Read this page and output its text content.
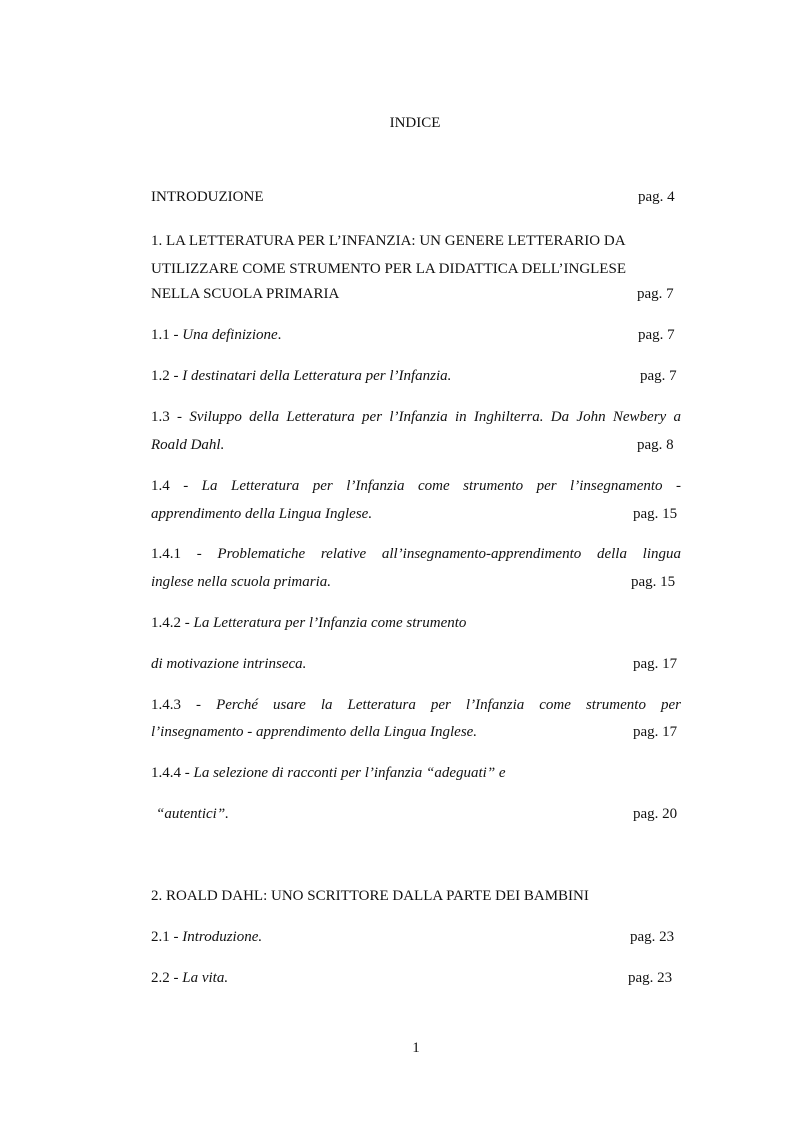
INDICE
INTRODUZIONE	pag. 4
1. LA LETTERATURA PER L’INFANZIA: UN GENERE LETTERARIO DA
UTILIZZARE COME STRUMENTO PER LA DIDATTICA DELL’INGLESE
NELLA SCUOLA PRIMARIA	pag. 7
1.1 - Una definizione.	pag. 7
1.2 - I destinatari della Letteratura per l’Infanzia.	pag. 7
1.3 - Sviluppo della Letteratura per l’Infanzia in Inghilterra. Da John Newbery a
Roald Dahl.	pag. 8
1.4 - La Letteratura per l’Infanzia come strumento per l’insegnamento -
apprendimento della Lingua Inglese.	pag. 15
1.4.1 - Problematiche relative all’insegnamento-apprendimento della lingua
inglese nella scuola primaria.	pag. 15
1.4.2 - La Letteratura per l’Infanzia come strumento
di motivazione intrinseca.	pag. 17
1.4.3 - Perché usare la Letteratura per l’Infanzia come strumento per
l’insegnamento - apprendimento della Lingua Inglese.	pag. 17
1.4.4 - La selezione di racconti per l’infanzia “adeguati” e
“autentici”.	pag. 20
2. ROALD DAHL: UNO SCRITTORE DALLA PARTE DEI BAMBINI
2.1 - Introduzione.	pag. 23
2.2 - La vita.	pag. 23
1
